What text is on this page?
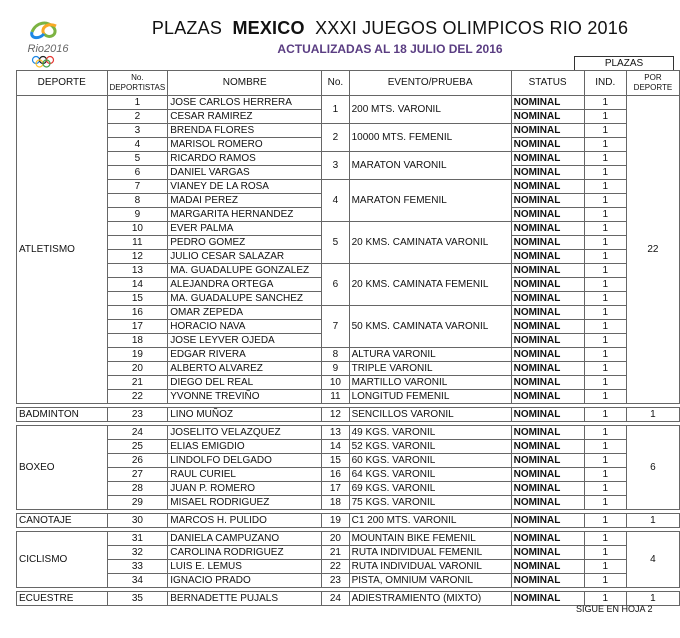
Rio2016
PLAZAS MEXICO XXXI JUEGOS OLIMPICOS RIO 2016
ACTUALIZADAS AL 18 JULIO DEL 2016
PLAZAS
DEPORTE	No. DEPORTISTAS	NOMBRE	No.	EVENTO/PRUEBA	STATUS	IND.	POR DEPORTE
ATLETISMO	1	JOSE CARLOS HERRERA	1	200 MTS. VARONIL	NOMINAL	1	22
	2	CESAR RAMIREZ			NOMINAL	1	
	3	BRENDA FLORES	2	10000 MTS. FEMENIL	NOMINAL	1	
	4	MARISOL ROMERO			NOMINAL	1	
	5	RICARDO RAMOS	3	MARATON VARONIL	NOMINAL	1	
	6	DANIEL VARGAS			NOMINAL	1	
	7	VIANEY DE LA ROSA	4	MARATON FEMENIL	NOMINAL	1	
	8	MADAI PEREZ			NOMINAL	1	
	9	MARGARITA HERNANDEZ			NOMINAL	1	
	10	EVER PALMA	5	20 KMS. CAMINATA VARONIL	NOMINAL	1	
	11	PEDRO GOMEZ			NOMINAL	1	
	12	JULIO CESAR SALAZAR			NOMINAL	1	
	13	MA. GUADALUPE GONZALEZ	6	20 KMS. CAMINATA FEMENIL	NOMINAL	1	
	14	ALEJANDRA ORTEGA			NOMINAL	1	
	15	MA. GUADALUPE SANCHEZ			NOMINAL	1	
	16	OMAR ZEPEDA	7	50 KMS. CAMINATA VARONIL	NOMINAL	1	
	17	HORACIO NAVA			NOMINAL	1	
	18	JOSE LEYVER OJEDA			NOMINAL	1	
	19	EDGAR RIVERA	8	ALTURA VARONIL	NOMINAL	1	
	20	ALBERTO ALVAREZ	9	TRIPLE VARONIL	NOMINAL	1	
	21	DIEGO DEL REAL	10	MARTILLO VARONIL	NOMINAL	1	
	22	YVONNE TREVIÑO	11	LONGITUD FEMENIL	NOMINAL	1	

BADMINTON	23	LINO MUÑOZ	12	SENCILLOS VARONIL	NOMINAL	1	1

BOXEO	24	JOSELITO VELAZQUEZ	13	49 KGS. VARONIL	NOMINAL	1	6
	25	ELIAS EMIGDIO	14	52 KGS. VARONIL	NOMINAL	1	
	26	LINDOLFO DELGADO	15	60 KGS. VARONIL	NOMINAL	1	
	27	RAUL CURIEL	16	64 KGS. VARONIL	NOMINAL	1	
	28	JUAN P. ROMERO	17	69 KGS. VARONIL	NOMINAL	1	
	29	MISAEL RODRIGUEZ	18	75 KGS. VARONIL	NOMINAL	1	

CANOTAJE	30	MARCOS H. PULIDO	19	C1 200 MTS. VARONIL	NOMINAL	1	1

CICLISMO	31	DANIELA CAMPUZANO	20	MOUNTAIN BIKE FEMENIL	NOMINAL	1	4
	32	CAROLINA RODRIGUEZ	21	RUTA INDIVIDUAL FEMENIL	NOMINAL	1	
	33	LUIS E. LEMUS	22	RUTA INDIVIDUAL VARONIL	NOMINAL	1	
	34	IGNACIO PRADO	23	PISTA, OMNIUM VARONIL	NOMINAL	1	

ECUESTRE	35	BERNADETTE PUJALS	24	ADIESTRAMIENTO (MIXTO)	NOMINAL	1	1
SIGUE EN HOJA 2
